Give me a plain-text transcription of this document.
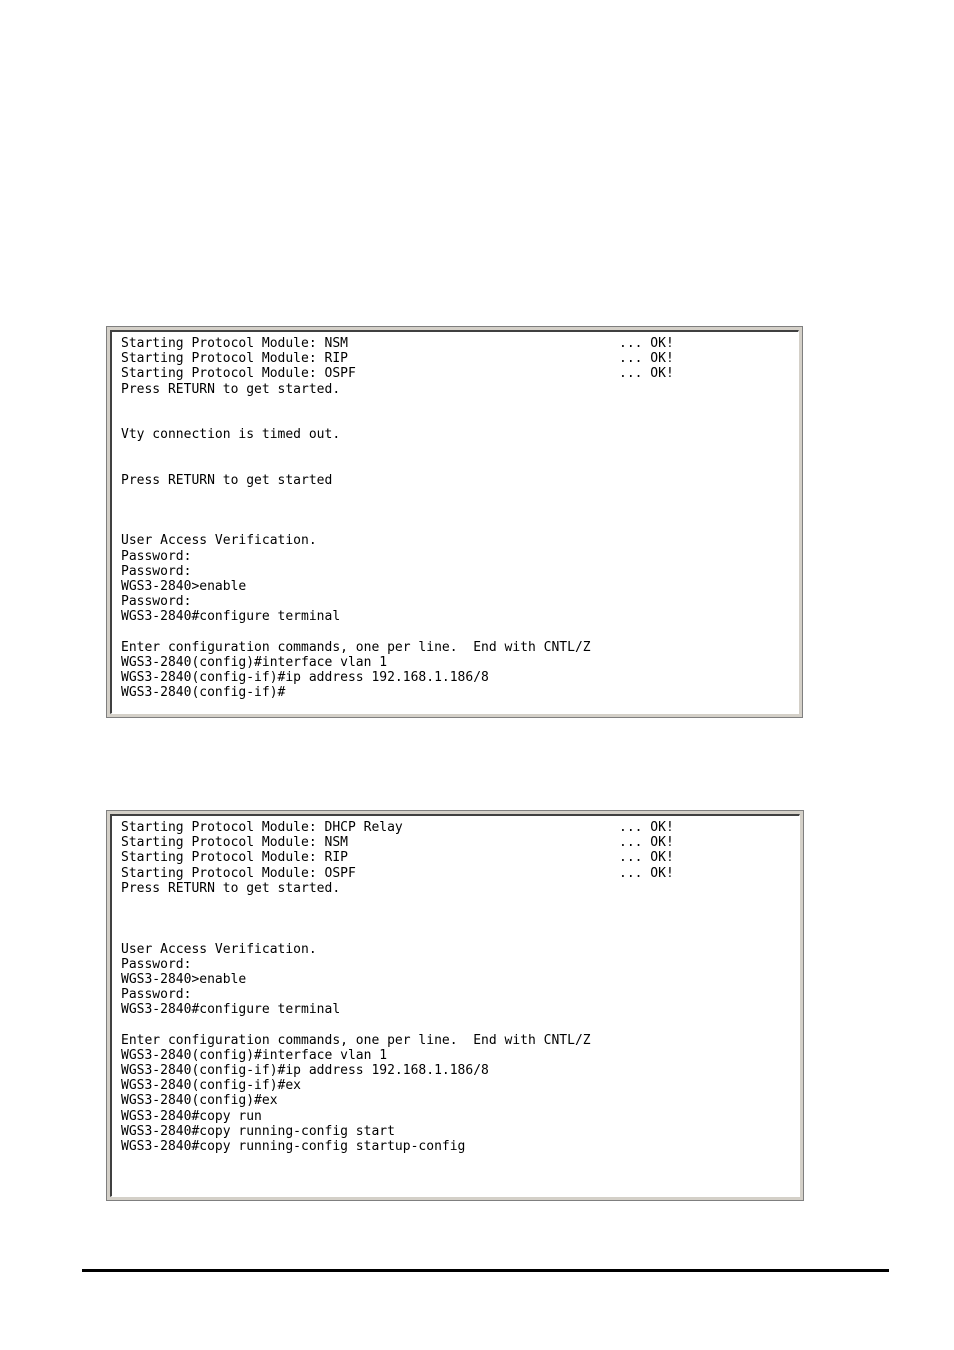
Starting Protocol Module: NSM	... OK!
Starting Protocol Module: RIP	... OK!
Starting Protocol Module: OSPF	... OK!
Press RETURN to get started.
Vty connection is timed out.
Press RETURN to get started
User Access Verification.
Password:
Password:
WGS3-2840>enable
Password:
WGS3-2840#configure terminal
Enter configuration commands, one per line.  End with CNTL/Z
WGS3-2840(config)#interface vlan 1
WGS3-2840(config-if)#ip address 192.168.1.186/8
WGS3-2840(config-if)#
Starting Protocol Module: DHCP Relay	... OK!
Starting Protocol Module: NSM	... OK!
Starting Protocol Module: RIP	... OK!
Starting Protocol Module: OSPF	... OK!
Press RETURN to get started.
User Access Verification.
Password:
WGS3-2840>enable
Password:
WGS3-2840#configure terminal
Enter configuration commands, one per line.  End with CNTL/Z
WGS3-2840(config)#interface vlan 1
WGS3-2840(config-if)#ip address 192.168.1.186/8
WGS3-2840(config-if)#ex
WGS3-2840(config)#ex
WGS3-2840#copy run
WGS3-2840#copy running-config start
WGS3-2840#copy running-config startup-config
